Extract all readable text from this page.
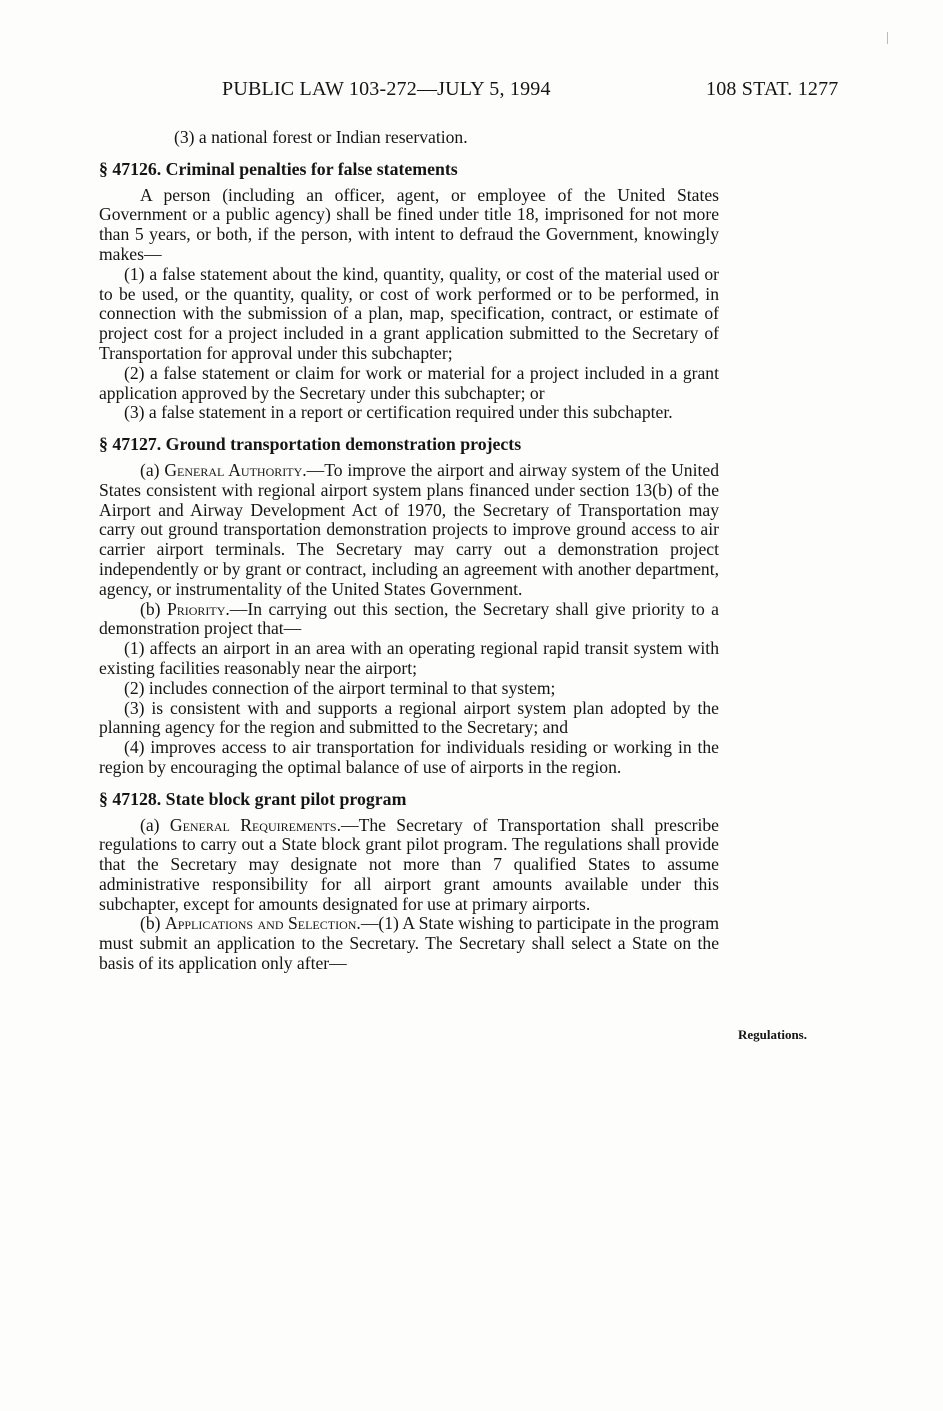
PUBLIC LAW 103-272—JULY 5, 1994	108 STAT. 1277

(3) a national forest or Indian reservation.

§ 47126. Criminal penalties for false statements

A person (including an officer, agent, or employee of the United States Government or a public agency) shall be fined under title 18, imprisoned for not more than 5 years, or both, if the person, with intent to defraud the Government, knowingly makes—

(1) a false statement about the kind, quantity, quality, or cost of the material used or to be used, or the quantity, quality, or cost of work performed or to be performed, in connection with the submission of a plan, map, specification, contract, or estimate of project cost for a project included in a grant application submitted to the Secretary of Transportation for approval under this subchapter;

(2) a false statement or claim for work or material for a project included in a grant application approved by the Secretary under this subchapter; or

(3) a false statement in a report or certification required under this subchapter.

§ 47127. Ground transportation demonstration projects

(a) General Authority.—To improve the airport and airway system of the United States consistent with regional airport system plans financed under section 13(b) of the Airport and Airway Development Act of 1970, the Secretary of Transportation may carry out ground transportation demonstration projects to improve ground access to air carrier airport terminals. The Secretary may carry out a demonstration project independently or by grant or contract, including an agreement with another department, agency, or instrumentality of the United States Government.

(b) Priority.—In carrying out this section, the Secretary shall give priority to a demonstration project that—

(1) affects an airport in an area with an operating regional rapid transit system with existing facilities reasonably near the airport;

(2) includes connection of the airport terminal to that system;

(3) is consistent with and supports a regional airport system plan adopted by the planning agency for the region and submitted to the Secretary; and

(4) improves access to air transportation for individuals residing or working in the region by encouraging the optimal balance of use of airports in the region.

§ 47128. State block grant pilot program

(a) General Requirements.—The Secretary of Transportation shall prescribe regulations to carry out a State block grant pilot program. The regulations shall provide that the Secretary may designate not more than 7 qualified States to assume administrative responsibility for all airport grant amounts available under this subchapter, except for amounts designated for use at primary airports.

(b) Applications and Selection.—(1) A State wishing to participate in the program must submit an application to the Secretary. The Secretary shall select a State on the basis of its application only after—

Regulations.
